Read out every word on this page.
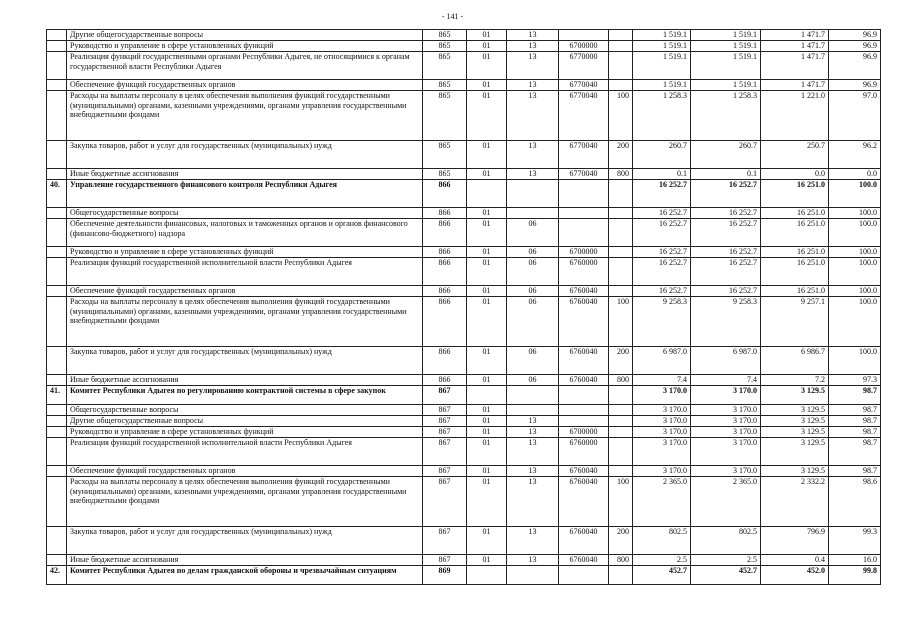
- 141 -
	Другие общегосударственные вопросы	865	01	13			1 519.1	1 519.1	1 471.7	96.9
	Руководство и управление в сфере установленных функций	865	01	13	6700000		1 519.1	1 519.1	1 471.7	96.9
	Реализация функций государственными органами Республики Адыгея, не относящимися к органам государственной власти Республики Адыгея	865	01	13	6770000		1 519.1	1 519.1	1 471.7	96.9
	Обеспечение функций государственных органов	865	01	13	6770040		1 519.1	1 519.1	1 471.7	96.9
	Расходы на выплаты персоналу в целях обеспечения выполнения функций государственными (муниципальными) органами, казенными учреждениями, органами управления государственными внебюджетными фондами	865	01	13	6770040	100	1 258.3	1 258.3	1 221.0	97.0
	Закупка товаров, работ и услуг для государственных (муниципальных) нужд	865	01	13	6770040	200	260.7	260.7	250.7	96.2
	Иные бюджетные ассигнования	865	01	13	6770040	800	0.1	0.1	0.0	0.0
40.	Управление государственного финансового контроля Республики Адыгея	866					16 252.7	16 252.7	16 251.0	100.0
	Общегосударственные вопросы	866	01				16 252.7	16 252.7	16 251.0	100.0
	Обеспечение деятельности финансовых, налоговых и таможенных органов и органов финансового (финансово-бюджетного) надзора	866	01	06			16 252.7	16 252.7	16 251.0	100.0
	Руководство и управление в сфере установленных функций	866	01	06	6700000		16 252.7	16 252.7	16 251.0	100.0
	Реализация функций государственной исполнительной власти Республики Адыгея	866	01	06	6760000		16 252.7	16 252.7	16 251.0	100.0
	Обеспечение функций государственных органов	866	01	06	6760040		16 252.7	16 252.7	16 251.0	100.0
	Расходы на выплаты персоналу в целях обеспечения выполнения функций государственными (муниципальными) органами, казенными учреждениями, органами управления государственными внебюджетными фондами	866	01	06	6760040	100	9 258.3	9 258.3	9 257.1	100.0
	Закупка товаров, работ и услуг для государственных (муниципальных) нужд	866	01	06	6760040	200	6 987.0	6 987.0	6 986.7	100.0
	Иные бюджетные ассигнования	866	01	06	6760040	800	7.4	7.4	7.2	97.3
41.	Комитет Республики Адыгея по регулированию контрактной системы в сфере закупок	867					3 170.0	3 170.0	3 129.5	98.7
	Общегосударственные вопросы	867	01				3 170.0	3 170.0	3 129.5	98.7
	Другие общегосударственные вопросы	867	01	13			3 170.0	3 170.0	3 129.5	98.7
	Руководство и управление в сфере установленных функций	867	01	13	6700000		3 170.0	3 170.0	3 129.5	98.7
	Реализация функций государственной исполнительной власти Республики Адыгея	867	01	13	6760000		3 170.0	3 170.0	3 129.5	98.7
	Обеспечение функций государственных органов	867	01	13	6760040		3 170.0	3 170.0	3 129.5	98.7
	Расходы на выплаты персоналу в целях обеспечения выполнения функций государственными (муниципальными) органами, казенными учреждениями, органами управления государственными внебюджетными фондами	867	01	13	6760040	100	2 365.0	2 365.0	2 332.2	98.6
	Закупка товаров, работ и услуг для государственных (муниципальных) нужд	867	01	13	6760040	200	802.5	802.5	796.9	99.3
	Иные бюджетные ассигнования	867	01	13	6760040	800	2.5	2.5	0.4	16.0
42.	Комитет Республики Адыгея по делам гражданской обороны и чрезвычайным ситуациям	869					452.7	452.7	452.0	99.8
